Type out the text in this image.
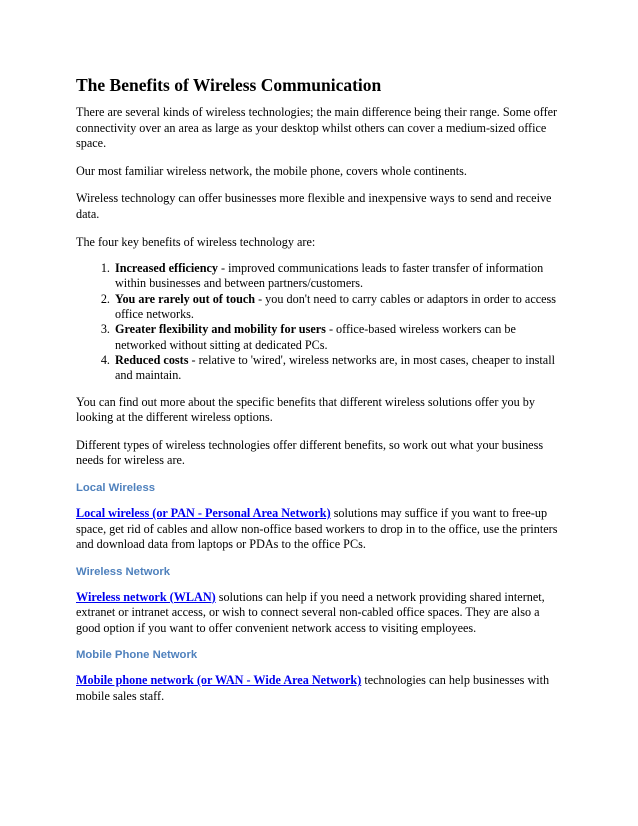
The Benefits of Wireless Communication

There are several kinds of wireless technologies; the main difference being their range. Some offer connectivity over an area as large as your desktop whilst others can cover a medium-sized office space.

Our most familiar wireless network, the mobile phone, covers whole continents.

Wireless technology can offer businesses more flexible and inexpensive ways to send and receive data.

The four key benefits of wireless technology are:

1. Increased efficiency - improved communications leads to faster transfer of information within businesses and between partners/customers.
2. You are rarely out of touch - you don't need to carry cables or adaptors in order to access office networks.
3. Greater flexibility and mobility for users - office-based wireless workers can be networked without sitting at dedicated PCs.
4. Reduced costs - relative to 'wired', wireless networks are, in most cases, cheaper to install and maintain.

You can find out more about the specific benefits that different wireless solutions offer you by looking at the different wireless options.

Different types of wireless technologies offer different benefits, so work out what your business needs for wireless are.

Local Wireless

Local wireless (or PAN - Personal Area Network) solutions may suffice if you want to free-up space, get rid of cables and allow non-office based workers to drop in to the office, use the printers and download data from laptops or PDAs to the office PCs.

Wireless Network

Wireless network (WLAN) solutions can help if you need a network providing shared internet, extranet or intranet access, or wish to connect several non-cabled office spaces. They are also a good option if you want to offer convenient network access to visiting employees.

Mobile Phone Network

Mobile phone network (or WAN - Wide Area Network) technologies can help businesses with mobile sales staff.
